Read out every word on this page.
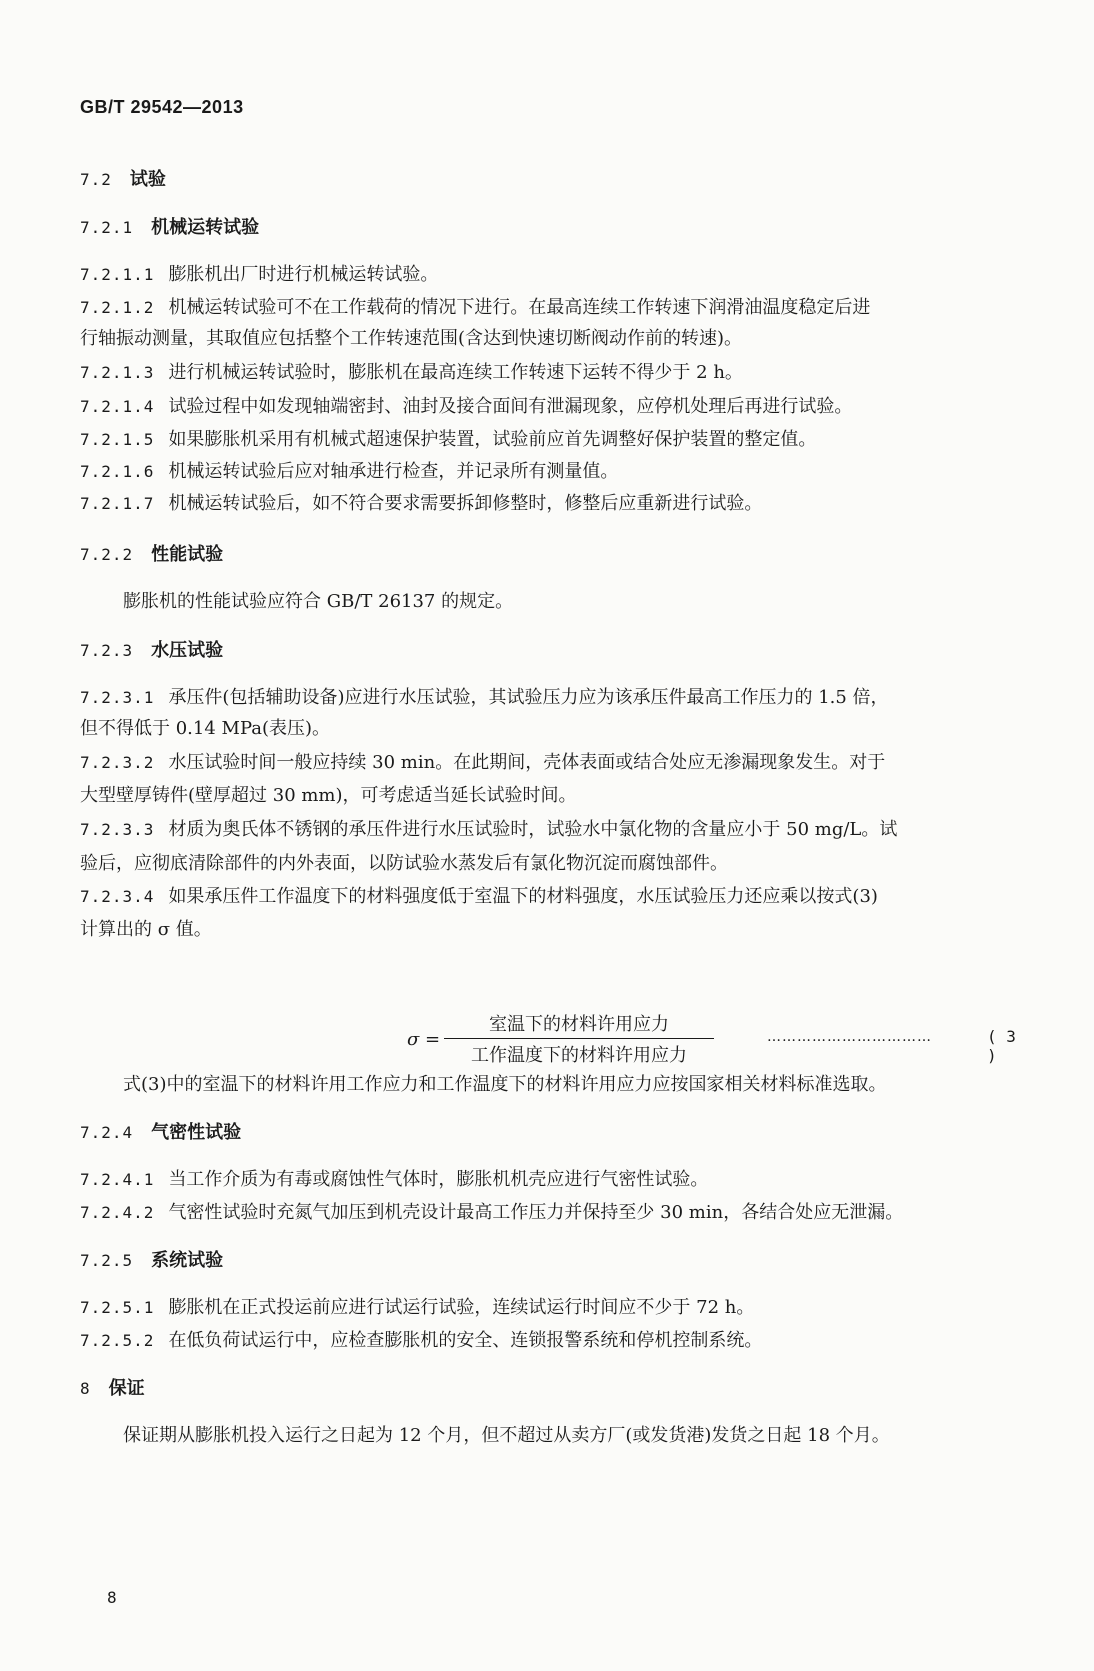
GB/T 29542—2013
7.2 试验
7.2.1 机械运转试验
7.2.1.1 膨胀机出厂时进行机械运转试验。
7.2.1.2 机械运转试验可不在工作载荷的情况下进行。在最高连续工作转速下润滑油温度稳定后进
行轴振动测量，其取值应包括整个工作转速范围(含达到快速切断阀动作前的转速)。
7.2.1.3 进行机械运转试验时，膨胀机在最高连续工作转速下运转不得少于 2 h。
7.2.1.4 试验过程中如发现轴端密封、油封及接合面间有泄漏现象，应停机处理后再进行试验。
7.2.1.5 如果膨胀机采用有机械式超速保护装置，试验前应首先调整好保护装置的整定值。
7.2.1.6 机械运转试验后应对轴承进行检查，并记录所有测量值。
7.2.1.7 机械运转试验后，如不符合要求需要拆卸修整时，修整后应重新进行试验。
7.2.2 性能试验
膨胀机的性能试验应符合 GB/T 26137 的规定。
7.2.3 水压试验
7.2.3.1 承压件(包括辅助设备)应进行水压试验，其试验压力应为该承压件最高工作压力的 1.5 倍，
但不得低于 0.14 MPa(表压)。
7.2.3.2 水压试验时间一般应持续 30 min。在此期间，壳体表面或结合处应无渗漏现象发生。对于
大型壁厚铸件(壁厚超过 30 mm)，可考虑适当延长试验时间。
7.2.3.3 材质为奥氏体不锈钢的承压件进行水压试验时，试验水中氯化物的含量应小于 50 mg/L。试
验后，应彻底清除部件的内外表面，以防试验水蒸发后有氯化物沉淀而腐蚀部件。
7.2.3.4 如果承压件工作温度下的材料强度低于室温下的材料强度，水压试验压力还应乘以按式(3)
计算出的 σ 值。
σ =
室温下的材料许用应力
工作温度下的材料许用应力
……………………………	( 3 )
式(3)中的室温下的材料许用工作应力和工作温度下的材料许用应力应按国家相关材料标准选取。
7.2.4 气密性试验
7.2.4.1 当工作介质为有毒或腐蚀性气体时，膨胀机机壳应进行气密性试验。
7.2.4.2 气密性试验时充氮气加压到机壳设计最高工作压力并保持至少 30 min，各结合处应无泄漏。
7.2.5 系统试验
7.2.5.1 膨胀机在正式投运前应进行试运行试验，连续试运行时间应不少于 72 h。
7.2.5.2 在低负荷试运行中，应检查膨胀机的安全、连锁报警系统和停机控制系统。
8 保证
保证期从膨胀机投入运行之日起为 12 个月，但不超过从卖方厂(或发货港)发货之日起 18 个月。
8
